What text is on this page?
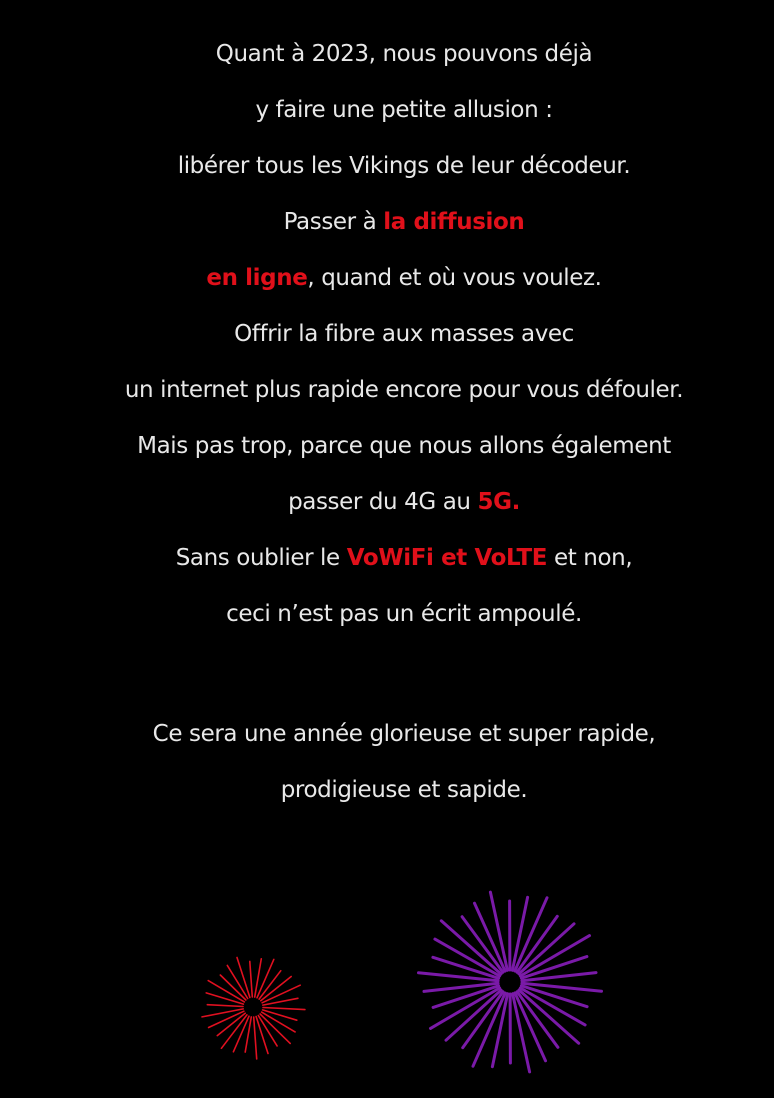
Quant à 2023, nous pouvons déjà
y faire une petite allusion :
libérer tous les Vikings de leur décodeur.
Passer à la diffusion
en ligne, quand et où vous voulez.
Offrir la fibre aux masses avec
un internet plus rapide encore pour vous défouler.
Mais pas trop, parce que nous allons également
passer du 4G au 5G.
Sans oublier le VoWiFi et VoLTE et non,
ceci n’est pas un écrit ampoulé.
Ce sera une année glorieuse et super rapide,
prodigieuse et sapide.
